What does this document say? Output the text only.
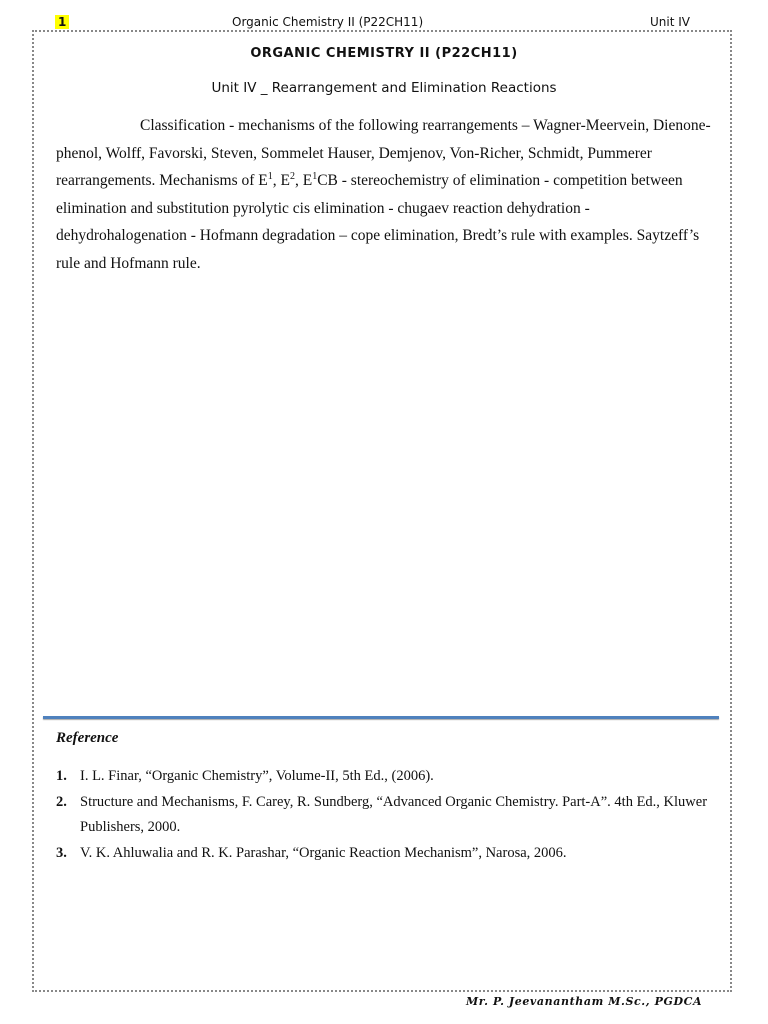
1	Organic Chemistry II (P22CH11)	Unit IV
ORGANIC CHEMISTRY II (P22CH11)
Unit IV _ Rearrangement and Elimination Reactions

Classification - mechanisms of the following rearrangements – Wagner-Meervein, Dienone-phenol, Wolff, Favorski, Steven, Sommelet Hauser, Demjenov, Von-Richer, Schmidt, Pummerer rearrangements. Mechanisms of $E^1$, $E^2$, $E^1CB$ - stereochemistry of elimination - competition between elimination and substitution pyrolytic cis elimination - chugaev reaction dehydration - dehydrohalogenation - Hofmann degradation – cope elimination, Bredt’s rule with examples. Saytzeff’s rule and Hofmann rule.

Reference
1. I. L. Finar, “Organic Chemistry”, Volume-II, 5th Ed., (2006).
2. Structure and Mechanisms, F. Carey, R. Sundberg, “Advanced Organic Chemistry. Part-A”. 4th Ed., Kluwer Publishers, 2000.
3. V. K. Ahluwalia and R. K. Parashar, “Organic Reaction Mechanism”, Narosa, 2006.
Mr. P. Jeevanantham M.Sc., PGDCA
